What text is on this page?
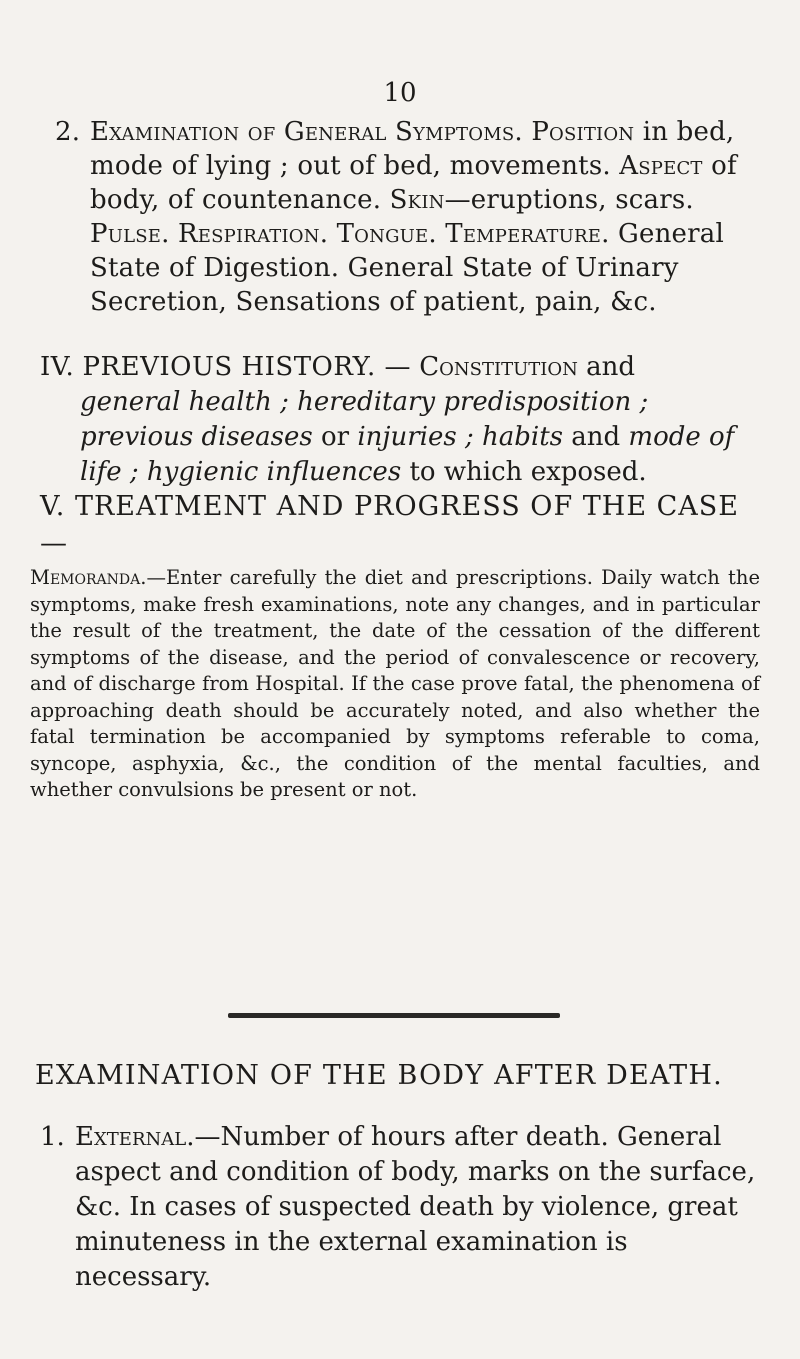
10
2. Examination of General Symptoms. Position in bed, mode of lying ; out of bed, movements. Aspect of body, of countenance. Skin—eruptions, scars. Pulse. Respiration. Tongue. Temperature. General State of Digestion. General State of Urinary Secretion, Sensations of patient, pain, &c.
IV. PREVIOUS HISTORY. — Constitution and
general health ; hereditary predisposition ; previous diseases or injuries ; habits and mode of life ; hygienic influences to which exposed.
V. TREATMENT AND PROGRESS OF THE CASE—
Memoranda.—Enter carefully the diet and prescriptions. Daily watch the symptoms, make fresh examinations, note any changes, and in particular the result of the treatment, the date of the cessation of the different symptoms of the disease, and the period of convalescence or recovery, and of discharge from Hospital. If the case prove fatal, the phenomena of approaching death should be accurately noted, and also whether the fatal termination be accompanied by symptoms referable to coma, syncope, asphyxia, &c., the condition of the mental faculties, and whether convulsions be present or not.
EXAMINATION OF THE BODY AFTER DEATH.
1. External.—Number of hours after death. General aspect and condition of body, marks on the surface, &c. In cases of suspected death by violence, great minuteness in the external examination is necessary.
